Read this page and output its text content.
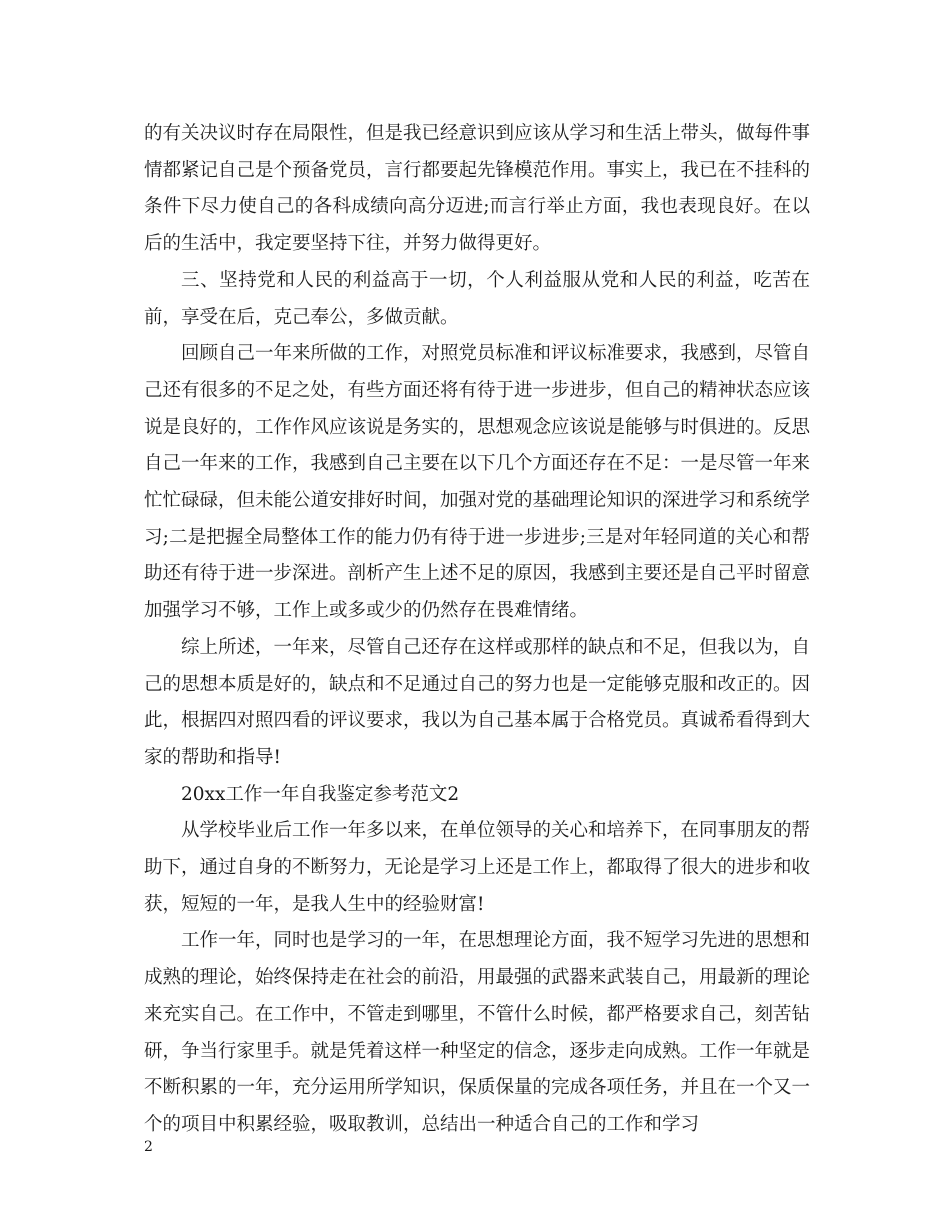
的有关决议时存在局限性，但是我已经意识到应该从学习和生活上带头，做每件事情都紧记自己是个预备党员，言行都要起先锋模范作用。事实上，我已在不挂科的条件下尽力使自己的各科成绩向高分迈进;而言行举止方面，我也表现良好。在以后的生活中，我定要坚持下往，并努力做得更好。

三、坚持党和人民的利益高于一切，个人利益服从党和人民的利益，吃苦在前，享受在后，克己奉公，多做贡献。

回顾自己一年来所做的工作，对照党员标准和评议标准要求，我感到，尽管自己还有很多的不足之处，有些方面还将有待于进一步进步，但自己的精神状态应该说是良好的，工作作风应该说是务实的，思想观念应该说是能够与时俱进的。反思自己一年来的工作，我感到自己主要在以下几个方面还存在不足：一是尽管一年来忙忙碌碌，但未能公道安排好时间，加强对党的基础理论知识的深进学习和系统学习;二是把握全局整体工作的能力仍有待于进一步进步;三是对年轻同道的关心和帮助还有待于进一步深进。剖析产生上述不足的原因，我感到主要还是自己平时留意加强学习不够，工作上或多或少的仍然存在畏难情绪。

综上所述，一年来，尽管自己还存在这样或那样的缺点和不足，但我以为，自己的思想本质是好的，缺点和不足通过自己的努力也是一定能够克服和改正的。因此，根据四对照四看的评议要求，我以为自己基本属于合格党员。真诚希看得到大家的帮助和指导!

20xx工作一年自我鉴定参考范文2

从学校毕业后工作一年多以来，在单位领导的关心和培养下，在同事朋友的帮助下，通过自身的不断努力，无论是学习上还是工作上，都取得了很大的进步和收获，短短的一年，是我人生中的经验财富!

工作一年，同时也是学习的一年，在思想理论方面，我不短学习先进的思想和成熟的理论，始终保持走在社会的前沿，用最强的武器来武装自己，用最新的理论来充实自己。在工作中，不管走到哪里，不管什么时候，都严格要求自己，刻苦钻研，争当行家里手。就是凭着这样一种坚定的信念，逐步走向成熟。工作一年就是不断积累的一年，充分运用所学知识，保质保量的完成各项任务，并且在一个又一个的项目中积累经验，吸取教训，总结出一种适合自己的工作和学习

2
